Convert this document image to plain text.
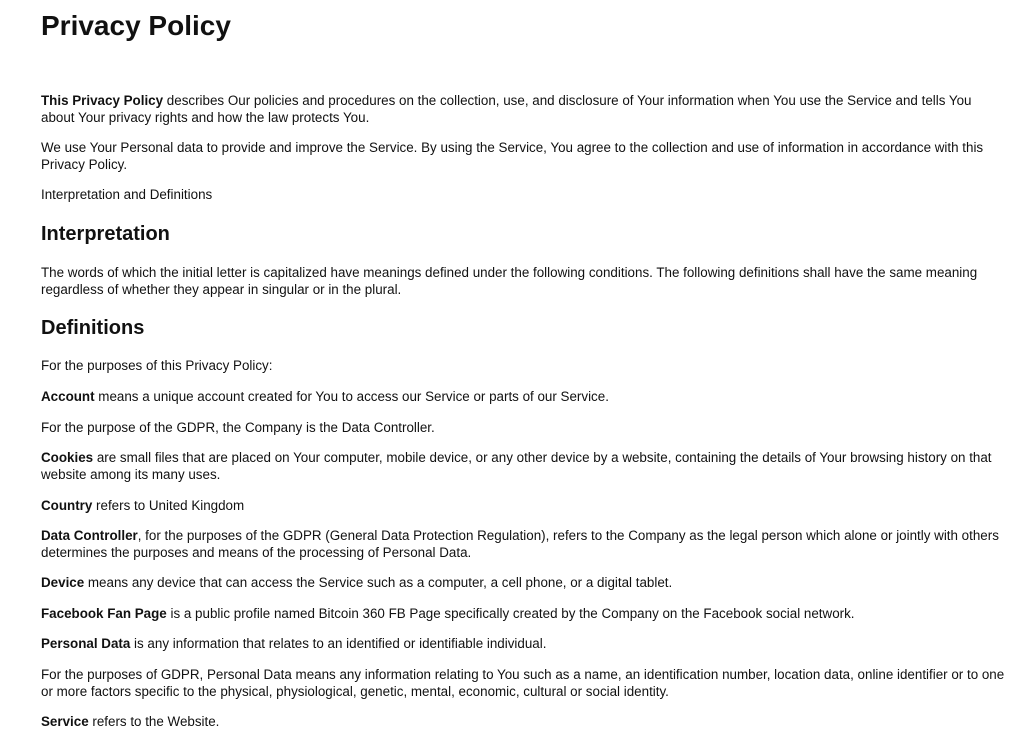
Privacy Policy

This Privacy Policy describes Our policies and procedures on the collection, use, and disclosure of Your information when You use the Service and tells You about Your privacy rights and how the law protects You.

We use Your Personal data to provide and improve the Service. By using the Service, You agree to the collection and use of information in accordance with this Privacy Policy.

Interpretation and Definitions

Interpretation

The words of which the initial letter is capitalized have meanings defined under the following conditions. The following definitions shall have the same meaning regardless of whether they appear in singular or in the plural.

Definitions

For the purposes of this Privacy Policy:

Account means a unique account created for You to access our Service or parts of our Service.

For the purpose of the GDPR, the Company is the Data Controller.

Cookies are small files that are placed on Your computer, mobile device, or any other device by a website, containing the details of Your browsing history on that website among its many uses.

Country refers to United Kingdom

Data Controller, for the purposes of the GDPR (General Data Protection Regulation), refers to the Company as the legal person which alone or jointly with others determines the purposes and means of the processing of Personal Data.

Device means any device that can access the Service such as a computer, a cell phone, or a digital tablet.

Facebook Fan Page is a public profile named Bitcoin 360 FB Page specifically created by the Company on the Facebook social network.

Personal Data is any information that relates to an identified or identifiable individual.

For the purposes of GDPR, Personal Data means any information relating to You such as a name, an identification number, location data, online identifier or to one or more factors specific to the physical, physiological, genetic, mental, economic, cultural or social identity.

Service refers to the Website.
